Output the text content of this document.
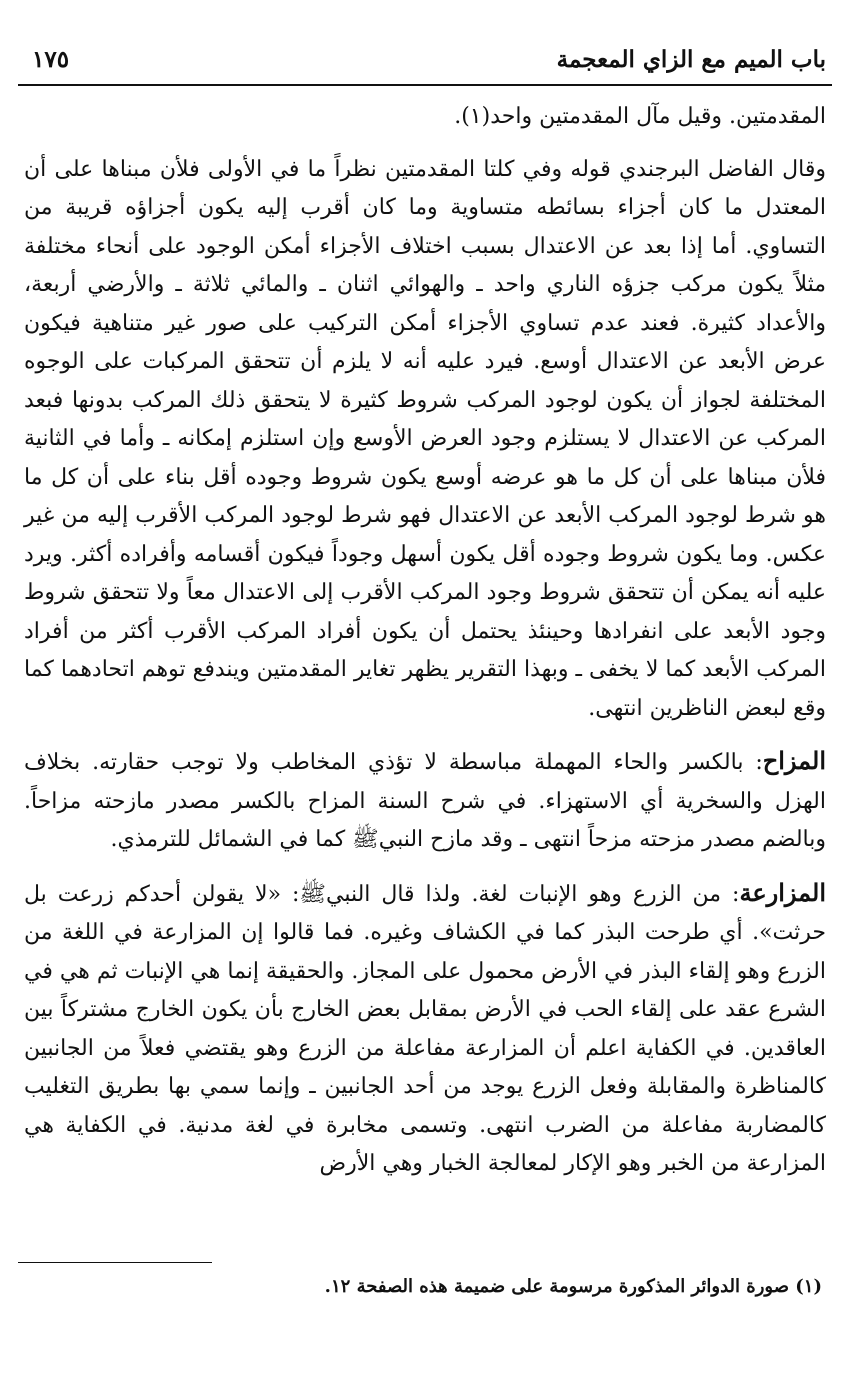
باب الميم مع الزاي المعجمة
١٧٥

المقدمتين. وقيل مآل المقدمتين واحد(١).

وقال الفاضل البرجندي قوله وفي كلتا المقدمتين نظراً ما في الأولى فلأن مبناها على أن المعتدل ما كان أجزاء بسائطه متساوية وما كان أقرب إليه يكون أجزاؤه قريبة من التساوي. أما إذا بعد عن الاعتدال بسبب اختلاف الأجزاء أمكن الوجود على أنحاء مختلفة مثلاً يكون مركب جزؤه الناري واحد ـ والهوائي اثنان ـ والمائي ثلاثة ـ والأرضي أربعة، والأعداد كثيرة. فعند عدم تساوي الأجزاء أمكن التركيب على صور غير متناهية فيكون عرض الأبعد عن الاعتدال أوسع. فيرد عليه أنه لا يلزم أن تتحقق المركبات على الوجوه المختلفة لجواز أن يكون لوجود المركب شروط كثيرة لا يتحقق ذلك المركب بدونها فبعد المركب عن الاعتدال لا يستلزم وجود العرض الأوسع وإن استلزم إمكانه ـ وأما في الثانية فلأن مبناها على أن كل ما هو عرضه أوسع يكون شروط وجوده أقل بناء على أن كل ما هو شرط لوجود المركب الأبعد عن الاعتدال فهو شرط لوجود المركب الأقرب إليه من غير عكس. وما يكون شروط وجوده أقل يكون أسهل وجوداً فيكون أقسامه وأفراده أكثر. ويرد عليه أنه يمكن أن تتحقق شروط وجود المركب الأقرب إلى الاعتدال معاً ولا تتحقق شروط وجود الأبعد على انفرادها وحينئذ يحتمل أن يكون أفراد المركب الأقرب أكثر من أفراد المركب الأبعد كما لا يخفى ـ وبهذا التقرير يظهر تغاير المقدمتين ويندفع توهم اتحادهما كما وقع لبعض الناظرين انتهى.

المزاح: بالكسر والحاء المهملة مباسطة لا تؤذي المخاطب ولا توجب حقارته. بخلاف الهزل والسخرية أي الاستهزاء. في شرح السنة المزاح بالكسر مصدر مازحته مزاحاً. وبالضم مصدر مزحته مزحاً انتهى ـ وقد مازح النبيﷺ كما في الشمائل للترمذي.

المزارعة: من الزرع وهو الإنبات لغة. ولذا قال النبيﷺ: «لا يقولن أحدكم زرعت بل حرثت». أي طرحت البذر كما في الكشاف وغيره. فما قالوا إن المزارعة في اللغة من الزرع وهو إلقاء البذر في الأرض محمول على المجاز. والحقيقة إنما هي الإنبات ثم هي في الشرع عقد على إلقاء الحب في الأرض بمقابل بعض الخارج بأن يكون الخارج مشتركاً بين العاقدين. في الكفاية اعلم أن المزارعة مفاعلة من الزرع وهو يقتضي فعلاً من الجانبين كالمناظرة والمقابلة وفعل الزرع يوجد من أحد الجانبين ـ وإنما سمي بها بطريق التغليب كالمضاربة مفاعلة من الضرب انتهى. وتسمى مخابرة في لغة مدنية. في الكفاية هي المزارعة من الخبر وهو الإكار لمعالجة الخبار وهي الأرض

(١) صورة الدوائر المذكورة مرسومة على ضميمة هذه الصفحة ١٢.
